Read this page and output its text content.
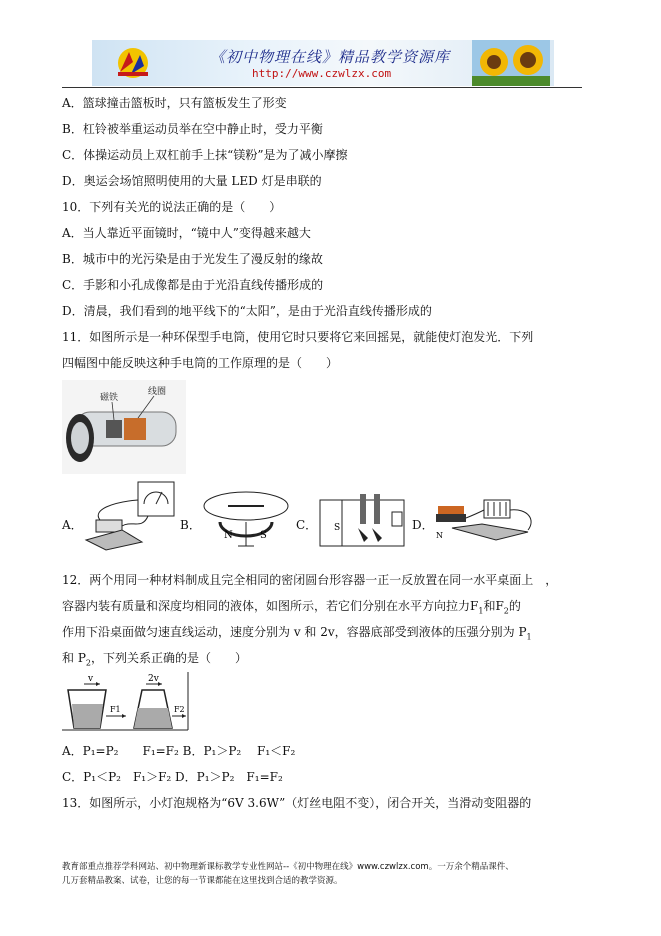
《初中物理在线》精品教学资源库
http://www.czwlzx.com
A．篮球撞击篮板时，只有篮板发生了形变
B．杠铃被举重运动员举在空中静止时，受力平衡
C．体操运动员上双杠前手上抹“镁粉”是为了减小摩擦
D．奥运会场馆照明使用的大量 LED 灯是串联的
10．下列有关光的说法正确的是（　　）
A．当人靠近平面镜时，“镜中人”变得越来越大
B．城市中的光污染是由于光发生了漫反射的缘故
C．手影和小孔成像都是由于光沿直线传播形成的
D．清晨，我们看到的地平线下的“太阳”，是由于光沿直线传播形成的
11．如图所示是一种环保型手电筒，使用它时只要将它来回摇晃，就能使灯泡发光．下列
四幅图中能反映这种手电筒的工作原理的是（　　）
磁铁
线圈
A．	B．
N	S
C． S	D．
N
12．两个用同一种材料制成且完全相同的密闭圆台形容器一正一反放置在同一水平桌面上　，
容器内装有质量和深度均相同的液体，如图所示，若它们分别在水平方向拉力$F_1$和$F_2$的
作用下沿桌面做匀速直线运动，速度分别为 v 和 2v，容器底部受到液体的压强分别为 $P_1$
和 $P_2$，下列关系正确的是（　　）
v	2v
F1	F2
A．P₁=P₂　　F₁=F₂ B．P₁＞P₂　 F₁＜F₂
C．P₁＜P₂　F₁＞F₂ D．P₁＞P₂　F₁=F₂
13．如图所示，小灯泡规格为“6V 3.6W”（灯丝电阻不变），闭合开关，当滑动变阻器的
教育部重点推荐学科网站、初中物理新课标教学专业性网站--《初中物理在线》www.czwlzx.com。一万余个精品课件、
几万套精品教案、试卷，让您的每一节课都能在这里找到合适的教学资源。
